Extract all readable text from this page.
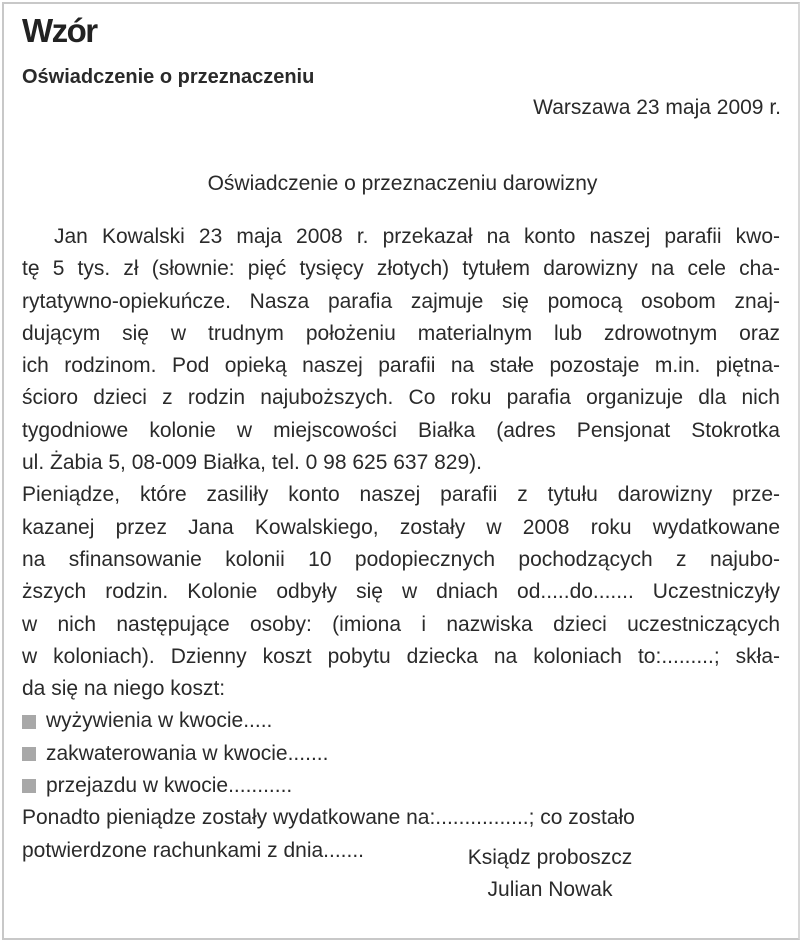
Wzór
Oświadczenie o przeznaczeniu
Warszawa 23 maja 2009 r.
Oświadczenie o przeznaczeniu darowizny
Jan Kowalski 23 maja 2008 r. przekazał na konto naszej parafii kwo-
tę 5 tys. zł (słownie: pięć tysięcy złotych) tytułem darowizny na cele cha-
rytatywno-opiekuńcze. Nasza parafia zajmuje się pomocą osobom znaj-
dującym się w trudnym położeniu materialnym lub zdrowotnym oraz
ich rodzinom. Pod opieką naszej parafii na stałe pozostaje m.in. piętna-
ścioro dzieci z rodzin najuboższych. Co roku parafia organizuje dla nich
tygodniowe kolonie w miejscowości Białka (adres Pensjonat Stokrotka
ul. Żabia 5, 08-009 Białka, tel. 0 98 625 637 829).
Pieniądze, które zasiliły konto naszej parafii z tytułu darowizny prze-
kazanej przez Jana Kowalskiego, zostały w 2008 roku wydatkowane
na sfinansowanie kolonii 10 podopiecznych pochodzących z najubo-
ższych rodzin. Kolonie odbyły się w dniach od.....do....... Uczestniczyły
w nich następujące osoby: (imiona i nazwiska dzieci uczestniczących
w koloniach). Dzienny koszt pobytu dziecka na koloniach to:.........; skła-
da się na niego koszt:
wyżywienia w kwocie.....
zakwaterowania w kwocie.......
przejazdu w kwocie...........
Ponadto pieniądze zostały wydatkowane na:................; co zostało
potwierdzone rachunkami z dnia.......	Ksiądz proboszcz
Julian Nowak
